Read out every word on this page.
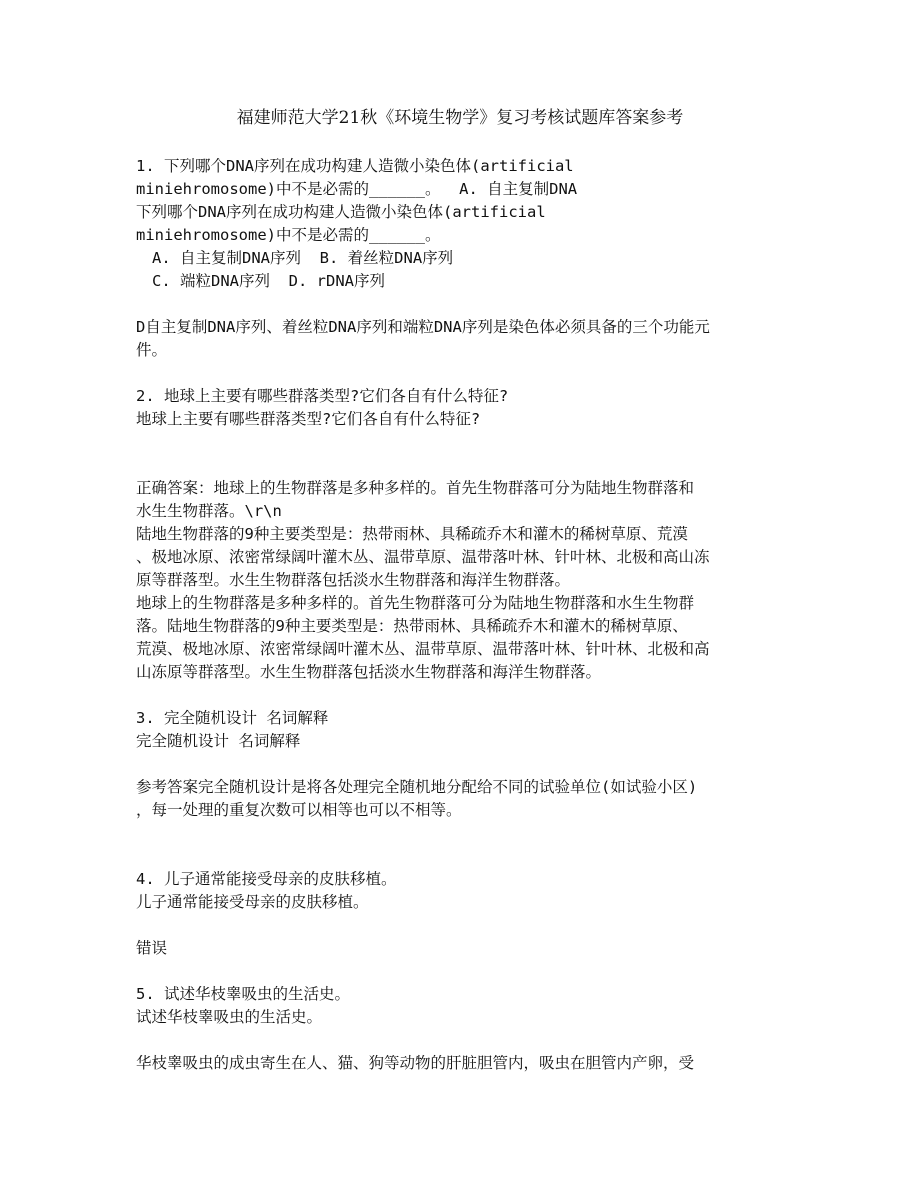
福建师范大学21秋《环境生物学》复习考核试题库答案参考
1. 下列哪个DNA序列在成功构建人造微小染色体(artificial
miniehromosome)中不是必需的______。  A. 自主复制DNA
下列哪个DNA序列在成功构建人造微小染色体(artificial
miniehromosome)中不是必需的______。
A. 自主复制DNA序列  B. 着丝粒DNA序列
C. 端粒DNA序列  D. rDNA序列
D自主复制DNA序列、着丝粒DNA序列和端粒DNA序列是染色体必须具备的三个功能元
件。
2. 地球上主要有哪些群落类型?它们各自有什么特征?
地球上主要有哪些群落类型?它们各自有什么特征?
正确答案：地球上的生物群落是多种多样的。首先生物群落可分为陆地生物群落和
水生生物群落。\r\n
陆地生物群落的9种主要类型是：热带雨林、具稀疏乔木和灌木的稀树草原、荒漠
、极地冰原、浓密常绿阔叶灌木丛、温带草原、温带落叶林、针叶林、北极和高山冻
原等群落型。水生生物群落包括淡水生物群落和海洋生物群落。
地球上的生物群落是多种多样的。首先生物群落可分为陆地生物群落和水生生物群
落。陆地生物群落的9种主要类型是：热带雨林、具稀疏乔木和灌木的稀树草原、
荒漠、极地冰原、浓密常绿阔叶灌木丛、温带草原、温带落叶林、针叶林、北极和高
山冻原等群落型。水生生物群落包括淡水生物群落和海洋生物群落。
3. 完全随机设计 名词解释
完全随机设计 名词解释
参考答案完全随机设计是将各处理完全随机地分配给不同的试验单位(如试验小区)
，每一处理的重复次数可以相等也可以不相等。
4. 儿子通常能接受母亲的皮肤移植。
儿子通常能接受母亲的皮肤移植。
错误
5. 试述华枝睾吸虫的生活史。
试述华枝睾吸虫的生活史。
华枝睾吸虫的成虫寄生在人、猫、狗等动物的肝脏胆管内，吸虫在胆管内产卵，受
